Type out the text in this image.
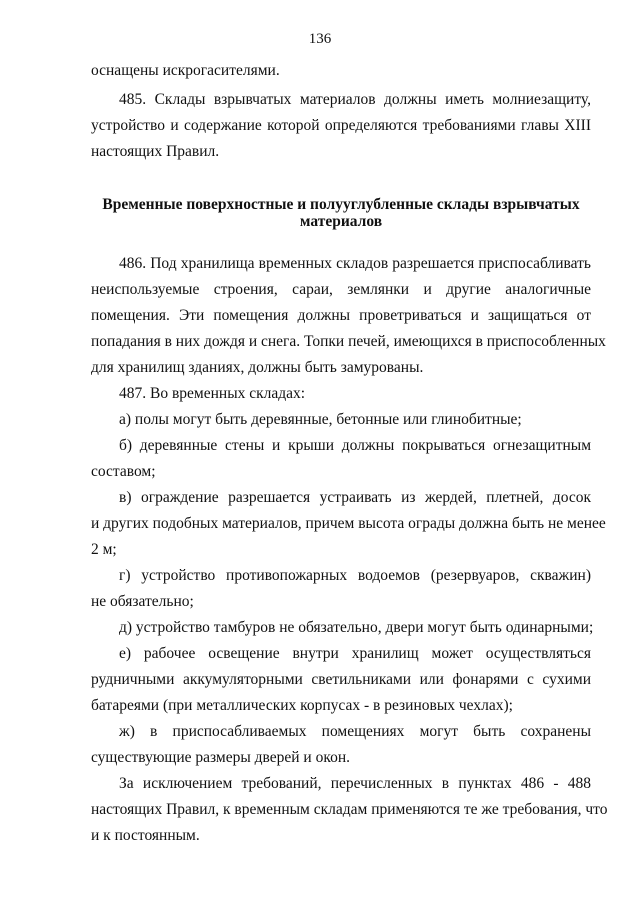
136
оснащены искрогасителями.
485. Склады взрывчатых материалов должны иметь молниезащиту,
устройство и содержание которой определяются требованиями главы XIII
настоящих Правил.
Временные поверхностные и полууглубленные склады взрывчатых
материалов
486. Под хранилища временных складов разрешается приспосабливать
неиспользуемые строения, сараи, землянки и другие аналогичные
помещения. Эти помещения должны проветриваться и защищаться от
попадания в них дождя и снега. Топки печей, имеющихся в приспособленных
для хранилищ зданиях, должны быть замурованы.
487. Во временных складах:
а) полы могут быть деревянные, бетонные или глинобитные;
б) деревянные стены и крыши должны покрываться огнезащитным
составом;
в) ограждение разрешается устраивать из жердей, плетней, досок
и других подобных материалов, причем высота ограды должна быть не менее
2 м;
г) устройство противопожарных водоемов (резервуаров, скважин)
не обязательно;
д) устройство тамбуров не обязательно, двери могут быть одинарными;
е) рабочее освещение внутри хранилищ может осуществляться
рудничными аккумуляторными светильниками или фонарями с сухими
батареями (при металлических корпусах - в резиновых чехлах);
ж) в приспосабливаемых помещениях могут быть сохранены
существующие размеры дверей и окон.
За исключением требований, перечисленных в пунктах 486 - 488
настоящих Правил, к временным складам применяются те же требования, что
и к постоянным.
